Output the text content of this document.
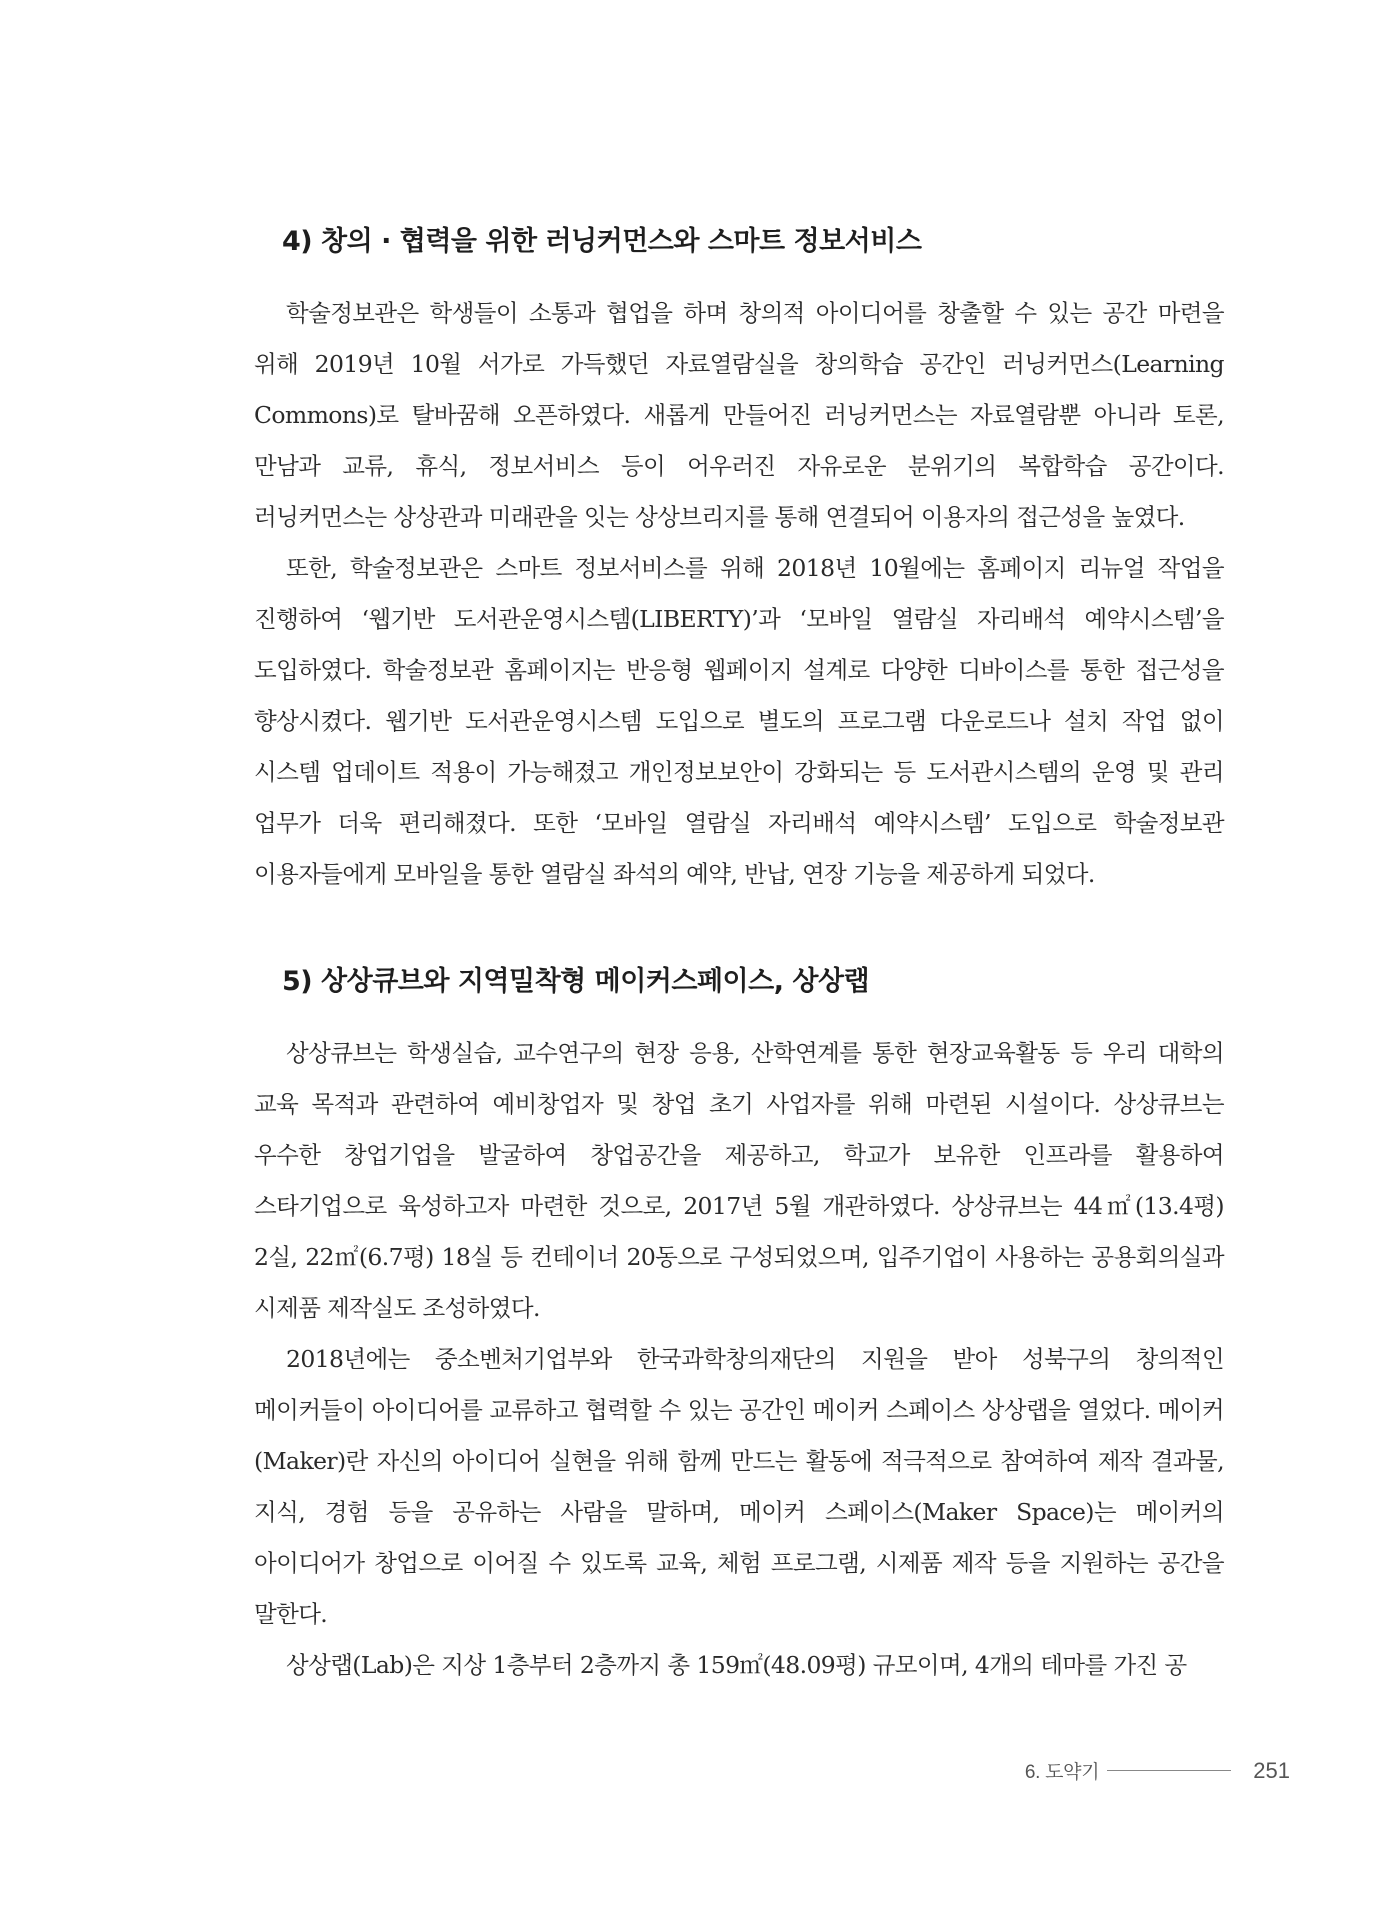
4) 창의 · 협력을 위한 러닝커먼스와 스마트 정보서비스

학술정보관은 학생들이 소통과 협업을 하며 창의적 아이디어를 창출할 수 있는 공간 마련을 위해 2019년 10월 서가로 가득했던 자료열람실을 창의학습 공간인 러닝커먼스(Learning Commons)로 탈바꿈해 오픈하였다. 새롭게 만들어진 러닝커먼스는 자료열람뿐 아니라 토론, 만남과 교류, 휴식, 정보서비스 등이 어우러진 자유로운 분위기의 복합학습 공간이다. 러닝커먼스는 상상관과 미래관을 잇는 상상브리지를 통해 연결되어 이용자의 접근성을 높였다.

또한, 학술정보관은 스마트 정보서비스를 위해 2018년 10월에는 홈페이지 리뉴얼 작업을 진행하여 ‘웹기반 도서관운영시스템(LIBERTY)’과 ‘모바일 열람실 자리배석 예약시스템’을 도입하였다. 학술정보관 홈페이지는 반응형 웹페이지 설계로 다양한 디바이스를 통한 접근성을 향상시켰다. 웹기반 도서관운영시스템 도입으로 별도의 프로그램 다운로드나 설치 작업 없이 시스템 업데이트 적용이 가능해졌고 개인정보보안이 강화되는 등 도서관시스템의 운영 및 관리 업무가 더욱 편리해졌다. 또한 ‘모바일 열람실 자리배석 예약시스템’ 도입으로 학술정보관 이용자들에게 모바일을 통한 열람실 좌석의 예약, 반납, 연장 기능을 제공하게 되었다.

5) 상상큐브와 지역밀착형 메이커스페이스, 상상랩

상상큐브는 학생실습, 교수연구의 현장 응용, 산학연계를 통한 현장교육활동 등 우리 대학의 교육 목적과 관련하여 예비창업자 및 창업 초기 사업자를 위해 마련된 시설이다. 상상큐브는 우수한 창업기업을 발굴하여 창업공간을 제공하고, 학교가 보유한 인프라를 활용하여 스타기업으로 육성하고자 마련한 것으로, 2017년 5월 개관하였다. 상상큐브는 44㎡(13.4평) 2실, 22㎡(6.7평) 18실 등 컨테이너 20동으로 구성되었으며, 입주기업이 사용하는 공용회의실과 시제품 제작실도 조성하였다.

2018년에는 중소벤처기업부와 한국과학창의재단의 지원을 받아 성북구의 창의적인 메이커들이 아이디어를 교류하고 협력할 수 있는 공간인 메이커 스페이스 상상랩을 열었다. 메이커(Maker)란 자신의 아이디어 실현을 위해 함께 만드는 활동에 적극적으로 참여하여 제작 결과물, 지식, 경험 등을 공유하는 사람을 말하며, 메이커 스페이스(Maker Space)는 메이커의 아이디어가 창업으로 이어질 수 있도록 교육, 체험 프로그램, 시제품 제작 등을 지원하는 공간을 말한다.

상상랩(Lab)은 지상 1층부터 2층까지 총 159㎡(48.09평) 규모이며, 4개의 테마를 가진 공

6. 도약기	251
